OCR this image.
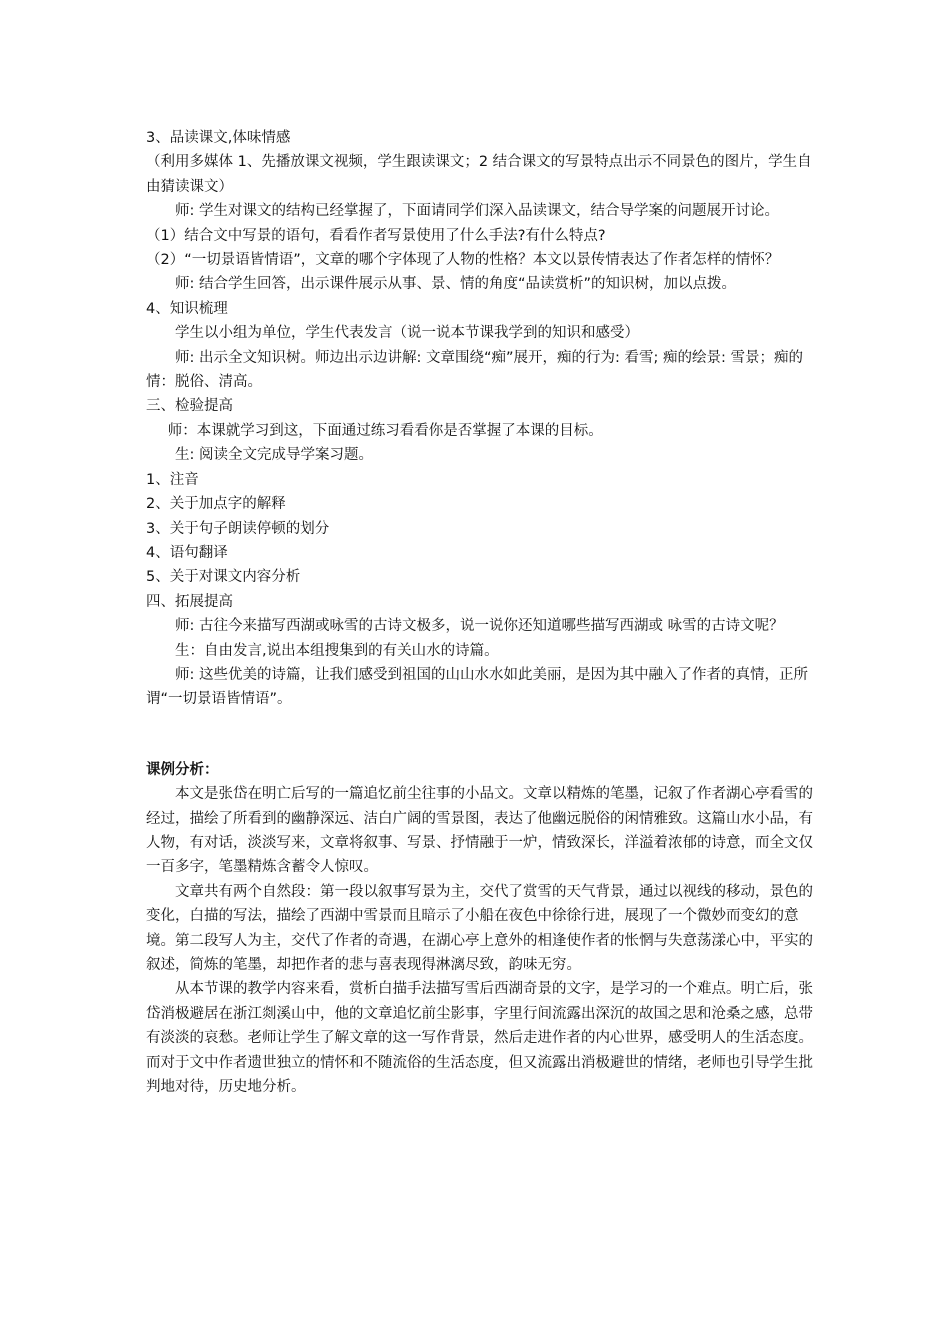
3、品读课文,体味情感

（利用多媒体 1、先播放课文视频，学生跟读课文；2 结合课文的写景特点出示不同景色的图片，学生自由猜读课文）

师: 学生对课文的结构已经掌握了，下面请同学们深入品读课文，结合导学案的问题展开讨论。

（1）结合文中写景的语句，看看作者写景使用了什么手法?有什么特点?

（2）“一切景语皆情语”，文章的哪个字体现了人物的性格？本文以景传情表达了作者怎样的情怀？

师: 结合学生回答，出示课件展示从事、景、情的角度“品读赏析”的知识树，加以点拨。

4、知识梳理

学生以小组为单位，学生代表发言（说一说本节课我学到的知识和感受）

师: 出示全文知识树。师边出示边讲解: 文章围绕“痴”展开，痴的行为: 看雪; 痴的绘景: 雪景；痴的情：脱俗、清高。

三、检验提高

师：本课就学习到这，下面通过练习看看你是否掌握了本课的目标。

生: 阅读全文完成导学案习题。

1、注音

2、关于加点字的解释

3、关于句子朗读停顿的划分

4、语句翻译

5、关于对课文内容分析

四、拓展提高

师: 古往今来描写西湖或咏雪的古诗文极多，说一说你还知道哪些描写西湖或 咏雪的古诗文呢？

生：自由发言,说出本组搜集到的有关山水的诗篇。

师: 这些优美的诗篇，让我们感受到祖国的山山水水如此美丽，是因为其中融入了作者的真情，正所谓“一切景语皆情语”。

课例分析：

本文是张岱在明亡后写的一篇追忆前尘往事的小品文。文章以精炼的笔墨，记叙了作者湖心亭看雪的经过，描绘了所看到的幽静深远、洁白广阔的雪景图，表达了他幽远脱俗的闲情雅致。这篇山水小品，有人物，有对话，淡淡写来，文章将叙事、写景、抒情融于一炉，情致深长，洋溢着浓郁的诗意，而全文仅一百多字，笔墨精炼含蓄令人惊叹。

文章共有两个自然段：第一段以叙事写景为主，交代了赏雪的天气背景，通过以视线的移动，景色的变化，白描的写法，描绘了西湖中雪景而且暗示了小船在夜色中徐徐行进，展现了一个微妙而变幻的意境。第二段写人为主，交代了作者的奇遇，在湖心亭上意外的相逢使作者的怅惘与失意荡漾心中，平实的叙述，简炼的笔墨，却把作者的悲与喜表现得淋漓尽致，韵味无穷。

从本节课的教学内容来看，赏析白描手法描写雪后西湖奇景的文字，是学习的一个难点。明亡后，张岱消极避居在浙江剡溪山中，他的文章追忆前尘影事，字里行间流露出深沉的故国之思和沧桑之感，总带有淡淡的哀愁。老师让学生了解文章的这一写作背景，然后走进作者的内心世界，感受明人的生活态度。而对于文中作者遗世独立的情怀和不随流俗的生活态度，但又流露出消极避世的情绪，老师也引导学生批判地对待，历史地分析。
